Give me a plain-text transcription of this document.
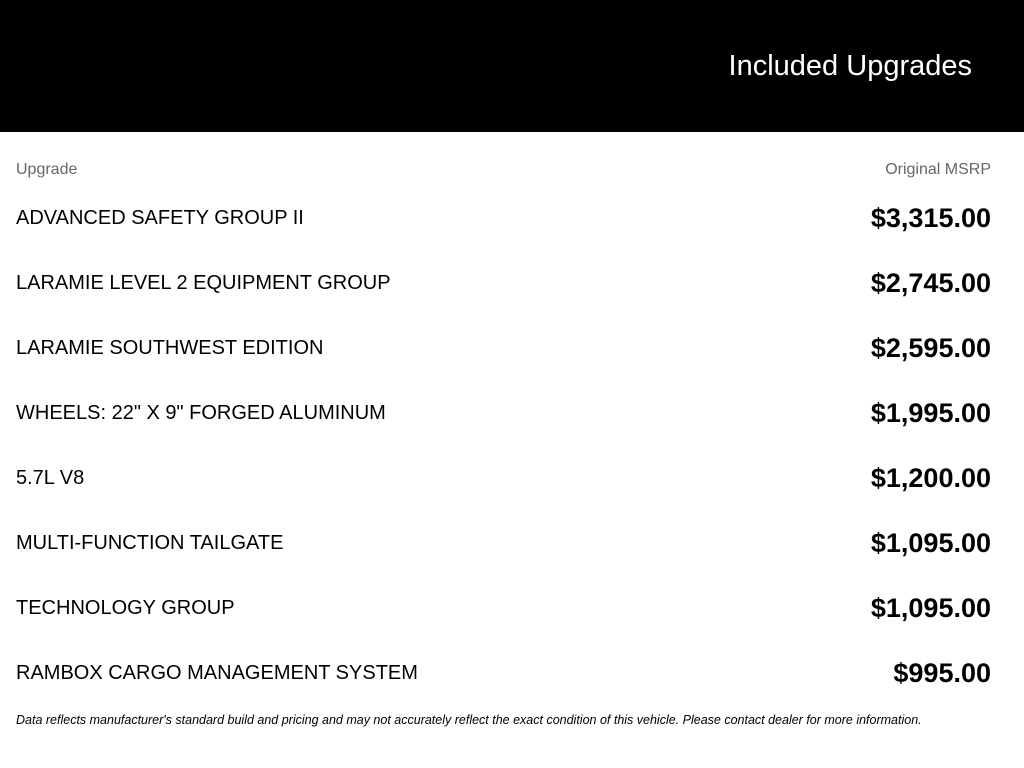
Included Upgrades
Upgrade	Original MSRP
ADVANCED SAFETY GROUP II	$3,315.00
LARAMIE LEVEL 2 EQUIPMENT GROUP	$2,745.00
LARAMIE SOUTHWEST EDITION	$2,595.00
WHEELS: 22" X 9" FORGED ALUMINUM	$1,995.00
5.7L V8	$1,200.00
MULTI-FUNCTION TAILGATE	$1,095.00
TECHNOLOGY GROUP	$1,095.00
RAMBOX CARGO MANAGEMENT SYSTEM	$995.00
Data reflects manufacturer's standard build and pricing and may not accurately reflect the exact condition of this vehicle. Please contact dealer for more information.
